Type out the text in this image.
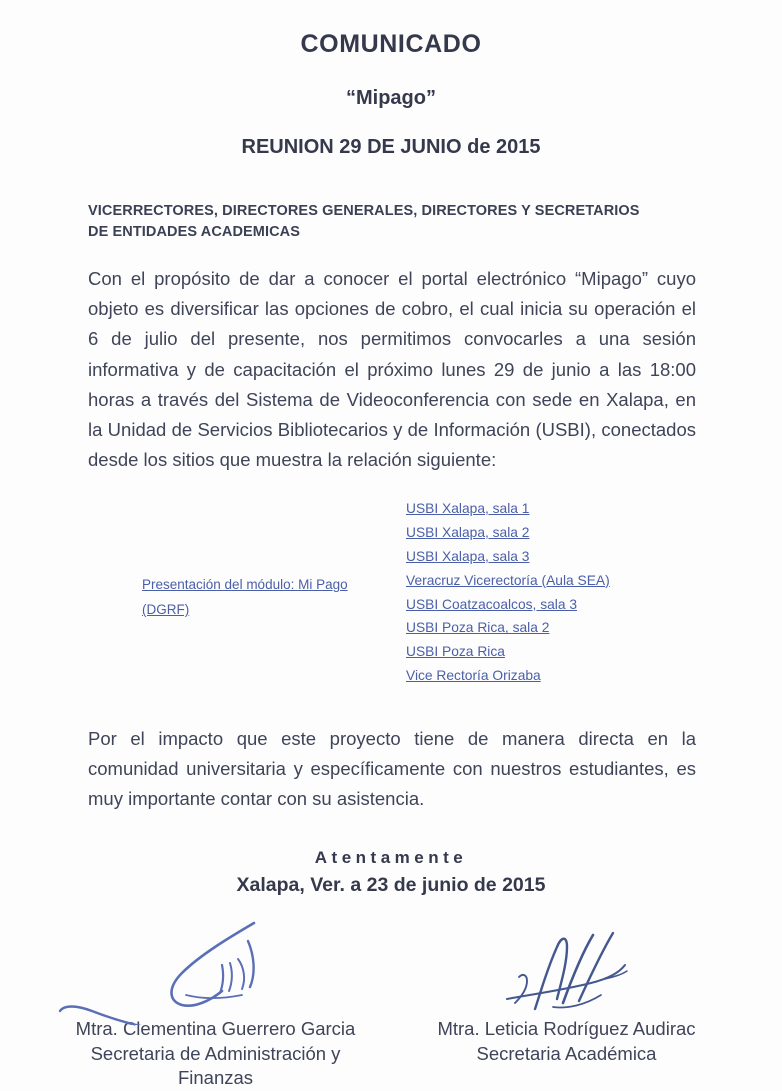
COMUNICADO
“Mipago”
REUNION 29 DE JUNIO de 2015
VICERRECTORES, DIRECTORES GENERALES, DIRECTORES Y SECRETARIOS
DE ENTIDADES ACADEMICAS

Con el propósito de dar a conocer el portal electrónico “Mipago” cuyo objeto es diversificar las opciones de cobro, el cual inicia su operación el 6 de julio del presente, nos permitimos convocarles a una sesión informativa y de capacitación el próximo lunes 29 de junio a las 18:00 horas a través del Sistema de Videoconferencia con sede en Xalapa, en la Unidad de Servicios Bibliotecarios y de Información (USBI), conectados desde los sitios que muestra la relación siguiente:

Presentación del módulo: Mi Pago
(DGRF)
USBI Xalapa, sala 1
USBI Xalapa, sala 2
USBI Xalapa, sala 3
Veracruz Vicerectoría (Aula SEA)
USBI Coatzacoalcos, sala 3
USBI Poza Rica, sala 2
USBI Poza Rica
Vice Rectoría Orizaba

Por el impacto que este proyecto tiene de manera directa en la comunidad universitaria y específicamente con nuestros estudiantes, es muy importante contar con su asistencia.

Atentamente
Xalapa, Ver. a 23 de junio de 2015
Mtra. Clementina Guerrero Garcia
Secretaria de Administración y
Finanzas
Mtra. Leticia Rodríguez Audirac
Secretaria Académica
